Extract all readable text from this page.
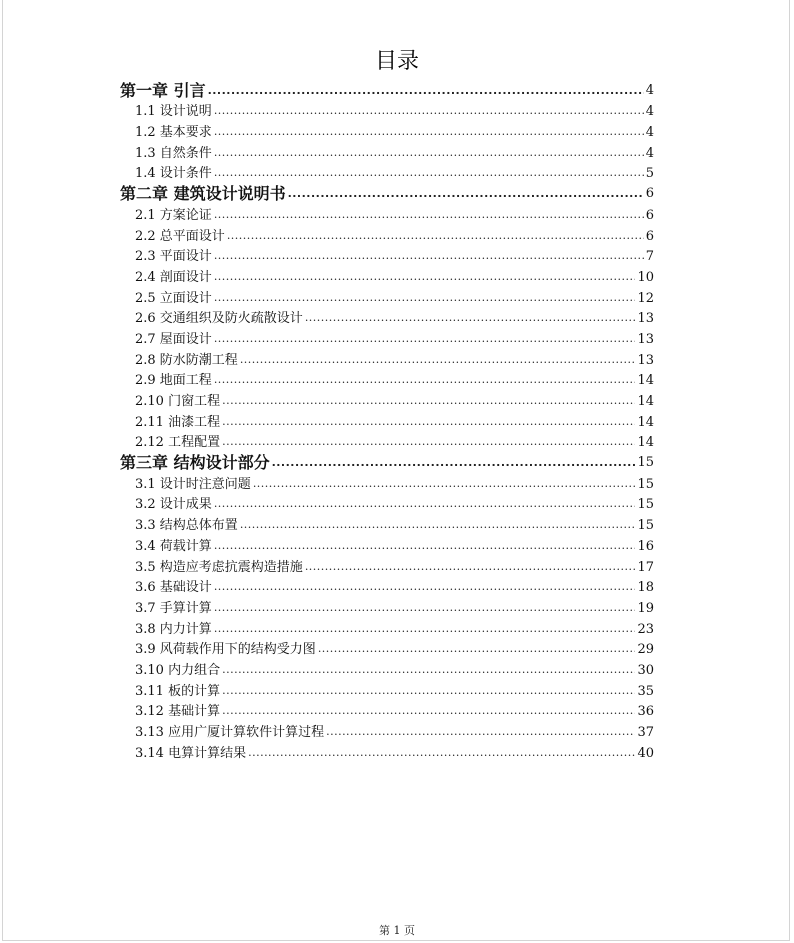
目录
第一章 引言 .....	4
1.1 设计说明 .....	4
1.2 基本要求 .....	4
1.3 自然条件 .....	4
1.4 设计条件 .....	5
第二章 建筑设计说明书 .....	6
2.1 方案论证 .....	6
2.2 总平面设计 .....	6
2.3 平面设计 .....	7
2.4 剖面设计 .....	10
2.5 立面设计 .....	12
2.6 交通组织及防火疏散设计 .....	13
2.7 屋面设计 .....	13
2.8 防水防潮工程 .....	13
2.9 地面工程 .....	14
2.10 门窗工程 .....	14
2.11 油漆工程 .....	14
2.12 工程配置 .....	14
第三章 结构设计部分 .....	15
3.1 设计时注意问题 .....	15
3.2 设计成果 .....	15
3.3 结构总体布置 .....	15
3.4 荷载计算 .....	16
3.5 构造应考虑抗震构造措施 .....	17
3.6 基础设计 .....	18
3.7 手算计算 .....	19
3.8 内力计算 .....	23
3.9 风荷载作用下的结构受力图 .....	29
3.10 内力组合 .....	30
3.11 板的计算 .....	35
3.12 基础计算 .....	36
3.13 应用广厦计算软件计算过程 .....	37
3.14 电算计算结果 .....	40
第 1 页
